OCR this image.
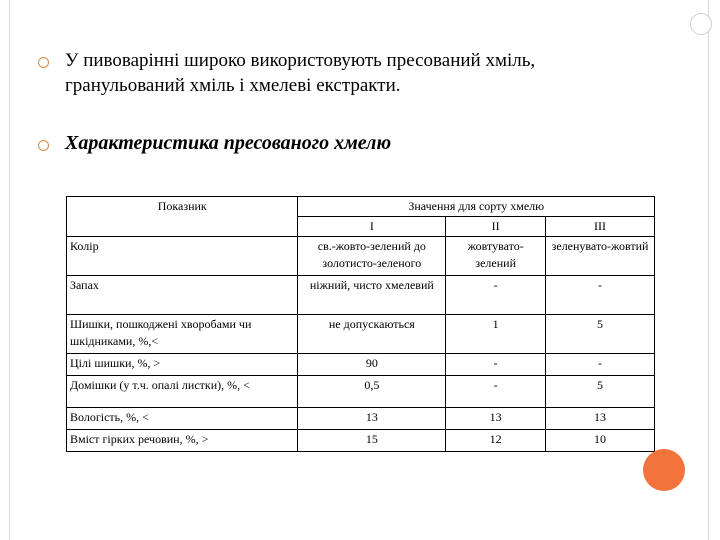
У пивоварінні широко використовують пресований хміль, гранульований хміль і хмелеві екстракти.
Характеристика пресованого хмелю
Показник	Значення для сорту хмелю		
	I	II	III
Колір	св.-жовто-зелений до золотисто-зеленого	жовтувато-зелений	зеленувато-жовтий
Запах	ніжний, чисто хмелевий	-	-
Шишки, пошкоджені хворобами чи шкідниками, %,<	не допускаються	1	5
Цілі шишки, %, >	90	-	-
Домішки (у т.ч. опалі листки), %, <	0,5	-	5
Вологість, %, <	13	13	13
Вміст гірких речовин, %, >	15	12	10
